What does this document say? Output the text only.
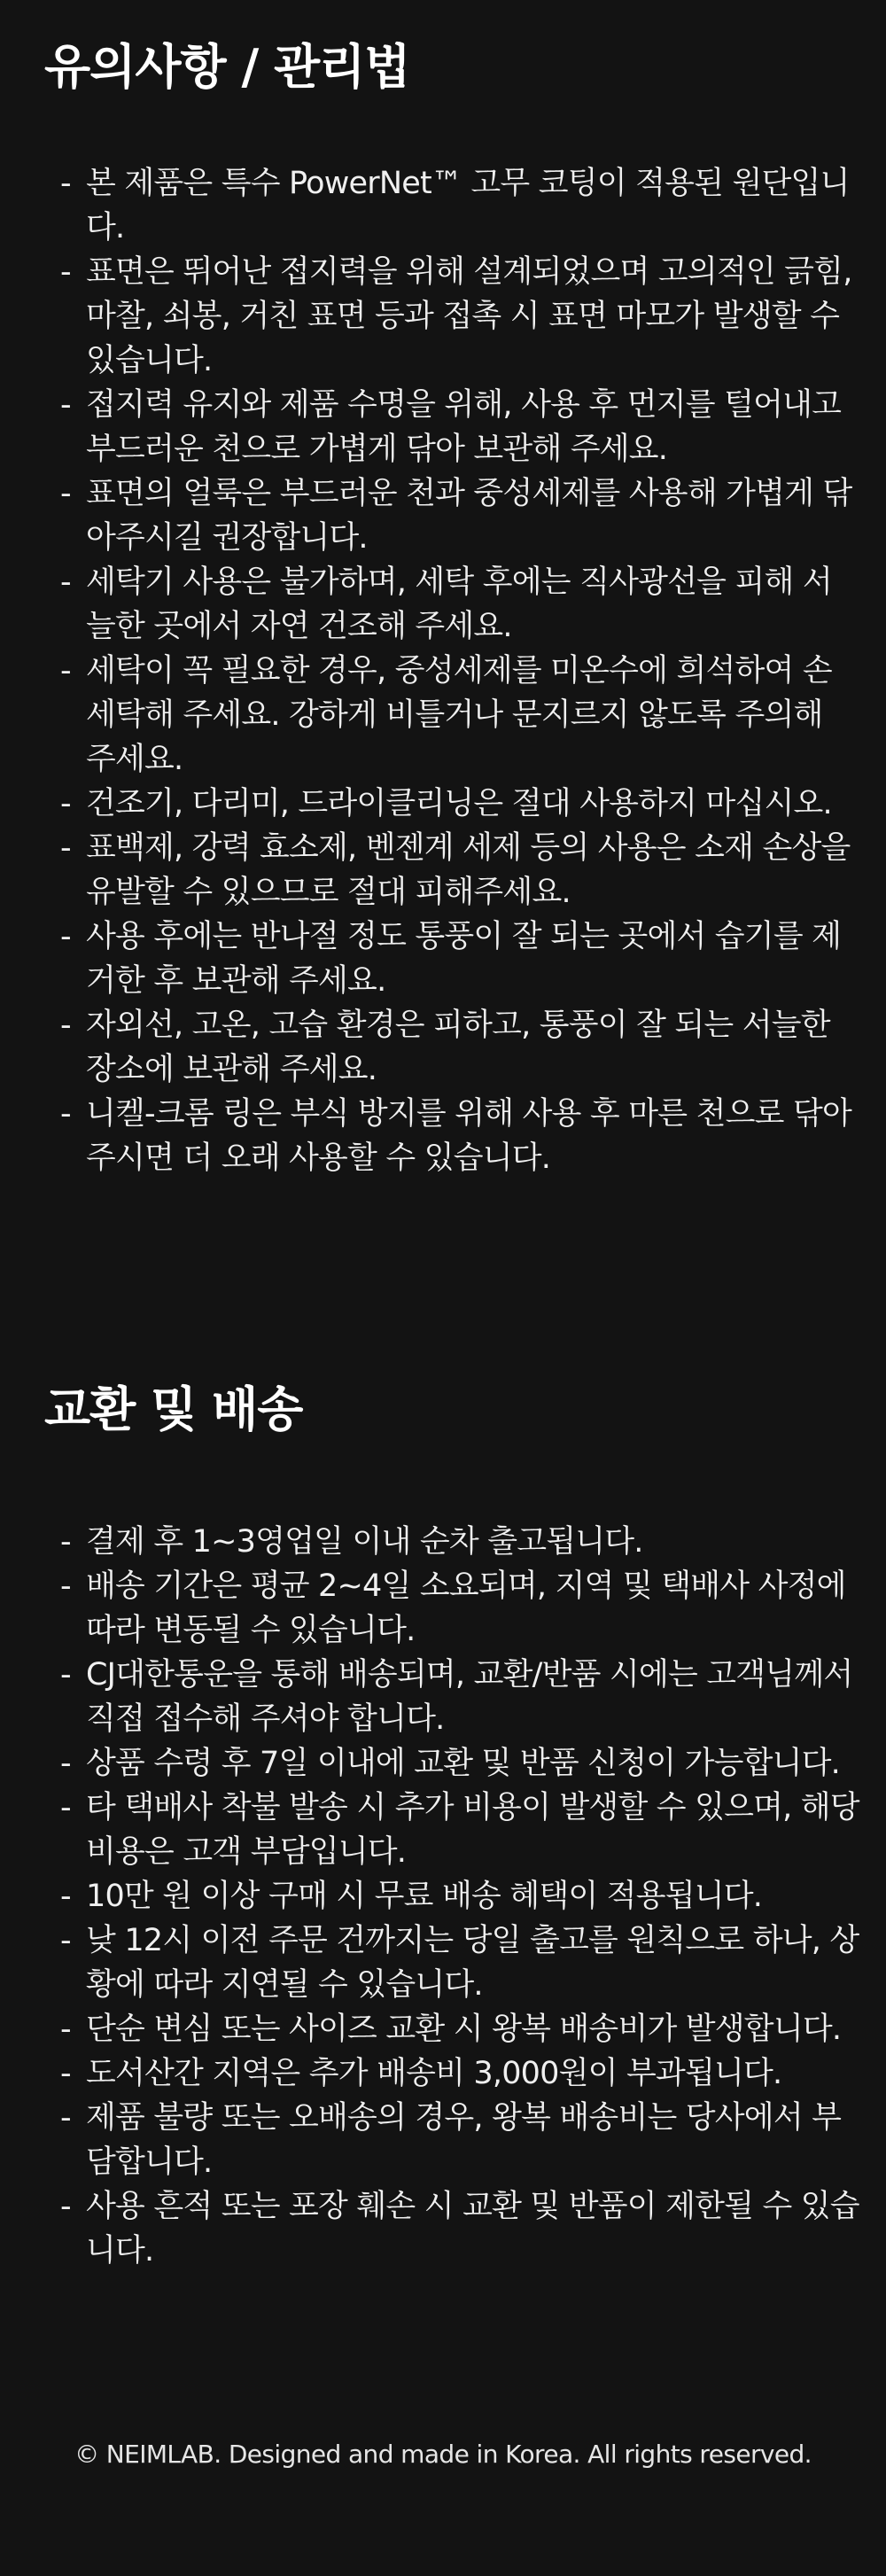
유의사항 / 관리법
- 본 제품은 특수 PowerNet™ 고무 코팅이 적용된 원단입니다.
- 표면은 뛰어난 접지력을 위해 설계되었으며 고의적인 긁힘, 마찰, 쇠봉, 거친 표면 등과 접촉 시 표면 마모가 발생할 수 있습니다.
- 접지력 유지와 제품 수명을 위해, 사용 후 먼지를 털어내고 부드러운 천으로 가볍게 닦아 보관해 주세요.
- 표면의 얼룩은 부드러운 천과 중성세제를 사용해 가볍게 닦아주시길 권장합니다.
- 세탁기 사용은 불가하며, 세탁 후에는 직사광선을 피해 서늘한 곳에서 자연 건조해 주세요.
- 세탁이 꼭 필요한 경우, 중성세제를 미온수에 희석하여 손세탁해 주세요. 강하게 비틀거나 문지르지 않도록 주의해 주세요.
- 건조기, 다리미, 드라이클리닝은 절대 사용하지 마십시오.
- 표백제, 강력 효소제, 벤젠계 세제 등의 사용은 소재 손상을 유발할 수 있으므로 절대 피해주세요.
- 사용 후에는 반나절 정도 통풍이 잘 되는 곳에서 습기를 제거한 후 보관해 주세요.
- 자외선, 고온, 고습 환경은 피하고, 통풍이 잘 되는 서늘한 장소에 보관해 주세요.
- 니켈-크롬 링은 부식 방지를 위해 사용 후 마른 천으로 닦아주시면 더 오래 사용할 수 있습니다.
교환 및 배송
- 결제 후 1~3영업일 이내 순차 출고됩니다.
- 배송 기간은 평균 2~4일 소요되며, 지역 및 택배사 사정에 따라 변동될 수 있습니다.
- CJ대한통운을 통해 배송되며, 교환/반품 시에는 고객님께서 직접 접수해 주셔야 합니다.
- 상품 수령 후 7일 이내에 교환 및 반품 신청이 가능합니다.
- 타 택배사 착불 발송 시 추가 비용이 발생할 수 있으며, 해당 비용은 고객 부담입니다.
- 10만 원 이상 구매 시 무료 배송 혜택이 적용됩니다.
- 낮 12시 이전 주문 건까지는 당일 출고를 원칙으로 하나, 상황에 따라 지연될 수 있습니다.
- 단순 변심 또는 사이즈 교환 시 왕복 배송비가 발생합니다.
- 도서산간 지역은 추가 배송비 3,000원이 부과됩니다.
- 제품 불량 또는 오배송의 경우, 왕복 배송비는 당사에서 부담합니다.
- 사용 흔적 또는 포장 훼손 시 교환 및 반품이 제한될 수 있습니다.
© NEIMLAB. Designed and made in Korea. All rights reserved.
